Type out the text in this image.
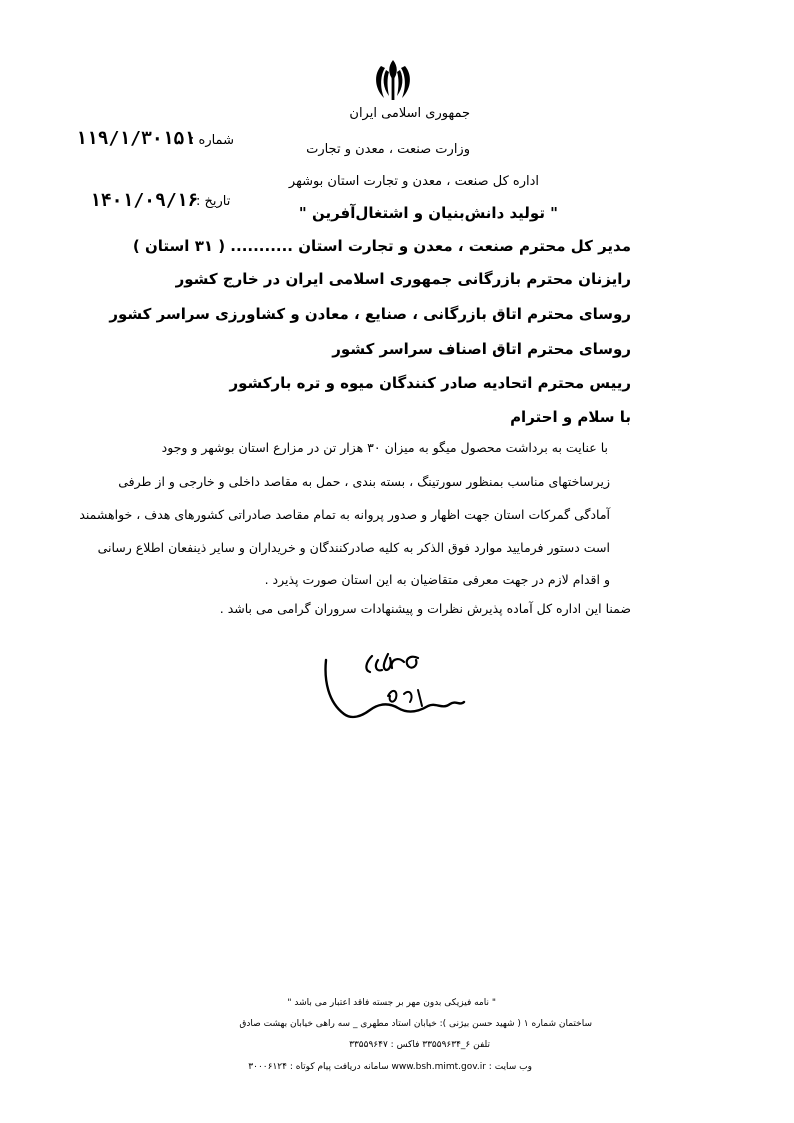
جمهوری اسلامی ایران
وزارت صنعت ، معدن و تجارت
اداره کل صنعت ، معدن و تجارت استان بوشهر
" تولید دانش‌بنیان و اشتغال‌آفرین "
شماره :
۱۱۹/۱/۳۰۱۵۱
تاریخ :
۱۴۰۱/۰۹/۱۶
مدیر کل محترم صنعت ، معدن و تجارت استان ........... ( ۳۱ استان )
رایزنان محترم بازرگانی جمهوری اسلامی ایران در خارج کشور
روسای محترم اتاق بازرگانی ، صنایع ، معادن و کشاورزی سراسر کشور
روسای محترم اتاق اصناف سراسر کشور
ریيس محترم اتحادیه صادر کنندگان میوه و تره بارکشور
با سلام و احترام
با عنایت به برداشت محصول میگو به میزان ۳۰ هزار تن در مزارع استان بوشهر و وجود
زیرساختهای مناسب بمنظور سورتینگ ، بسته بندی ، حمل به مقاصد داخلی و خارجی و از طرفی
آمادگی گمرکات استان جهت اظهار و صدور پروانه به تمام مقاصد صادراتی کشورهای هدف ، خواهشمند
است دستور فرمایید موارد فوق الذکر به کلیه صادرکنندگان و خریداران و سایر ذینفعان اطلاع رسانی
و اقدام لازم در جهت معرفی متقاضیان به این استان صورت پذیرد .
ضمنا این اداره کل آماده پذیرش نظرات و پیشنهادات سروران گرامی می باشد .
" نامه فیزیکی بدون مهر بر جسته فاقد اعتبار می باشد "
ساختمان شماره ۱ ( شهید حسن بیژنی ): خیابان استاد مطهری _ سه راهی خیابان بهشت صادق
تلفن ۶_۳۳۵۵۹۶۳۴ فاکس : ۳۳۵۵۹۶۴۷
وب سایت : www.bsh.mimt.gov.ir سامانه دریافت پیام کوتاه : ۳۰۰۰۶۱۲۴
